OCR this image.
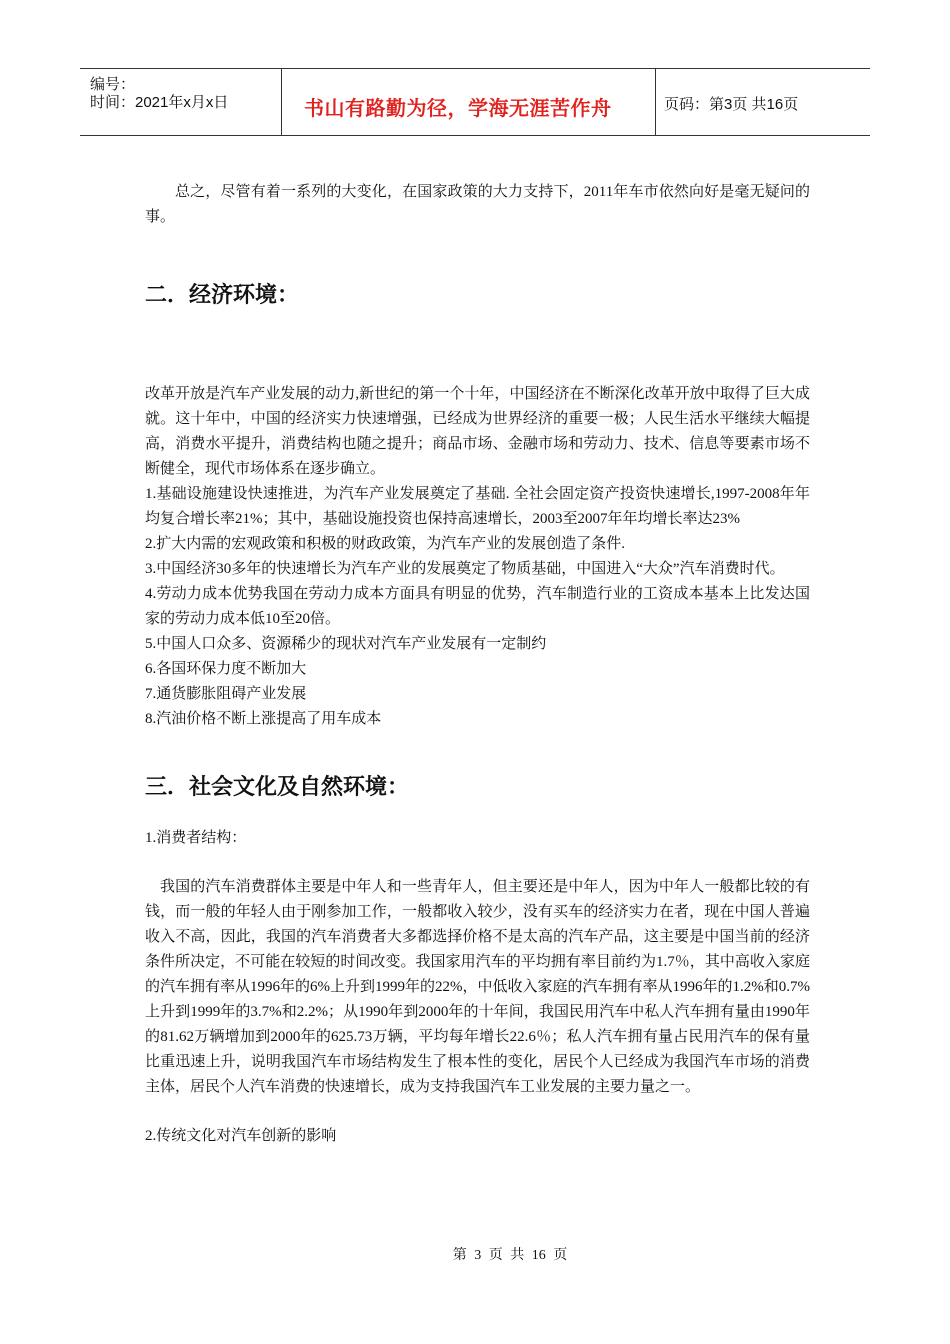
编号：
时间：2021年x月x日	书山有路勤为径，学海无涯苦作舟	页码：第3页 共16页

总之，尽管有着一系列的大变化，在国家政策的大力支持下，2011年车市依然向好是毫无疑问的事。

二．经济环境：

改革开放是汽车产业发展的动力,新世纪的第一个十年，中国经济在不断深化改革开放中取得了巨大成就。这十年中，中国的经济实力快速增强，已经成为世界经济的重要一极；人民生活水平继续大幅提高，消费水平提升，消费结构也随之提升；商品市场、金融市场和劳动力、技术、信息等要素市场不断健全，现代市场体系在逐步确立。

1.基础设施建设快速推进，为汽车产业发展奠定了基础. 全社会固定资产投资快速增长,1997-2008年年均复合增长率21%；其中，基础设施投资也保持高速增长，2003至2007年年均增长率达23%

2.扩大内需的宏观政策和积极的财政政策，为汽车产业的发展创造了条件.

3.中国经济30多年的快速增长为汽车产业的发展奠定了物质基础，中国进入“大众”汽车消费时代。

4.劳动力成本优势我国在劳动力成本方面具有明显的优势，汽车制造行业的工资成本基本上比发达国家的劳动力成本低10至20倍。

5.中国人口众多、资源稀少的现状对汽车产业发展有一定制约

6.各国环保力度不断加大

7.通货膨胀阻碍产业发展

8.汽油价格不断上涨提高了用车成本

三．社会文化及自然环境：

1.消费者结构：

我国的汽车消费群体主要是中年人和一些青年人，但主要还是中年人，因为中年人一般都比较的有钱，而一般的年轻人由于刚参加工作，一般都收入较少，没有买车的经济实力在者，现在中国人普遍收入不高，因此，我国的汽车消费者大多都选择价格不是太高的汽车产品，这主要是中国当前的经济条件所决定，不可能在较短的时间改变。我国家用汽车的平均拥有率目前约为1.7％，其中高收入家庭的汽车拥有率从1996年的6%上升到1999年的22%，中低收入家庭的汽车拥有率从1996年的1.2%和0.7%上升到1999年的3.7%和2.2%；从1990年到2000年的十年间，我国民用汽车中私人汽车拥有量由1990年的81.62万辆增加到2000年的625.73万辆，平均每年增长22.6％；私人汽车拥有量占民用汽车的保有量比重迅速上升，说明我国汽车市场结构发生了根本性的变化，居民个人已经成为我国汽车市场的消费主体，居民个人汽车消费的快速增长，成为支持我国汽车工业发展的主要力量之一。

2.传统文化对汽车创新的影响

第 3 页 共 16 页
